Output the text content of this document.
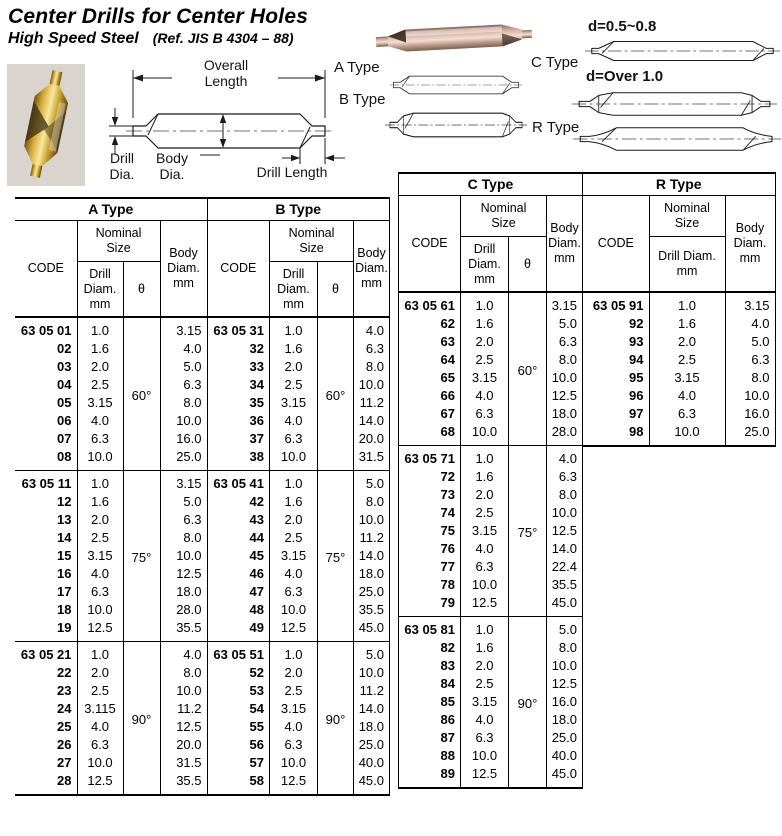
Center Drills for Center Holes
High Speed Steel (Ref. JIS B 4304 – 88)
Overall Length
Drill Dia.
Body Dia.	Drill Length
A Type
B Type
C Type
R Type
d=0.5~0.8
d=Over 1.0
A Type			
CODE	Nominal
Size		Body
Diam.
mm
	Drill
Diam.
mm	θ	
63 05 01	1.0	60°	3.15
02	1.6		4.0
03	2.0		5.0
04	2.5		6.3
05	3.15		8.0
06	4.0		10.0
07	6.3		16.0
08	10.0		25.0
63 05 11	1.0	75°	3.15
12	1.6		5.0
13	2.0		6.3
14	2.5		8.0
15	3.15		10.0
16	4.0		12.5
17	6.3		18.0
18	10.0		28.0
19	12.5		35.5
63 05 21	1.0	90°	4.0
22	2.0		8.0
23	2.5		10.0
24	3.115		11.2
25	4.0		12.5
26	6.3		20.0
27	10.0		31.5
28	12.5		35.5
B Type			
CODE	Nominal
Size		Body
Diam.
mm
	Drill
Diam.
mm	θ	
63 05 31	1.0	60°	4.0
32	1.6		6.3
33	2.0		8.0
34	2.5		10.0
35	3.15		11.2
36	4.0		14.0
37	6.3		20.0
38	10.0		31.5
63 05 41	1.0	75°	5.0
42	1.6		8.0
43	2.0		10.0
44	2.5		11.2
45	3.15		14.0
46	4.0		18.0
47	6.3		25.0
48	10.0		35.5
49	12.5		45.0
63 05 51	1.0	90°	5.0
52	2.0		10.0
53	2.5		11.2
54	3.15		14.0
55	4.0		18.0
56	6.3		25.0
57	10.0		40.0
58	12.5		45.0
C Type			
CODE	Nominal
Size		Body
Diam.
mm
	Drill
Diam.
mm	θ	
63 05 61	1.0	60°	3.15
62	1.6		5.0
63	2.0		6.3
64	2.5		8.0
65	3.15		10.0
66	4.0		12.5
67	6.3		18.0
68	10.0		28.0
63 05 71	1.0	75°	4.0
72	1.6		6.3
73	2.0		8.0
74	2.5		10.0
75	3.15		12.5
76	4.0		14.0
77	6.3		22.4
78	10.0		35.5
79	12.5		45.0
63 05 81	1.0	90°	5.0
82	1.6		8.0
83	2.0		10.0
84	2.5		12.5
85	3.15		16.0
86	4.0		18.0
87	6.3		25.0
88	10.0		40.0
89	12.5		45.0
R Type		
CODE	Nominal
Size	Body
Diam.
mm
	Drill Diam.
mm	
63 05 91	1.0	3.15
92	1.6	4.0
93	2.0	5.0
94	2.5	6.3
95	3.15	8.0
96	4.0	10.0
97	6.3	16.0
98	10.0	25.0
